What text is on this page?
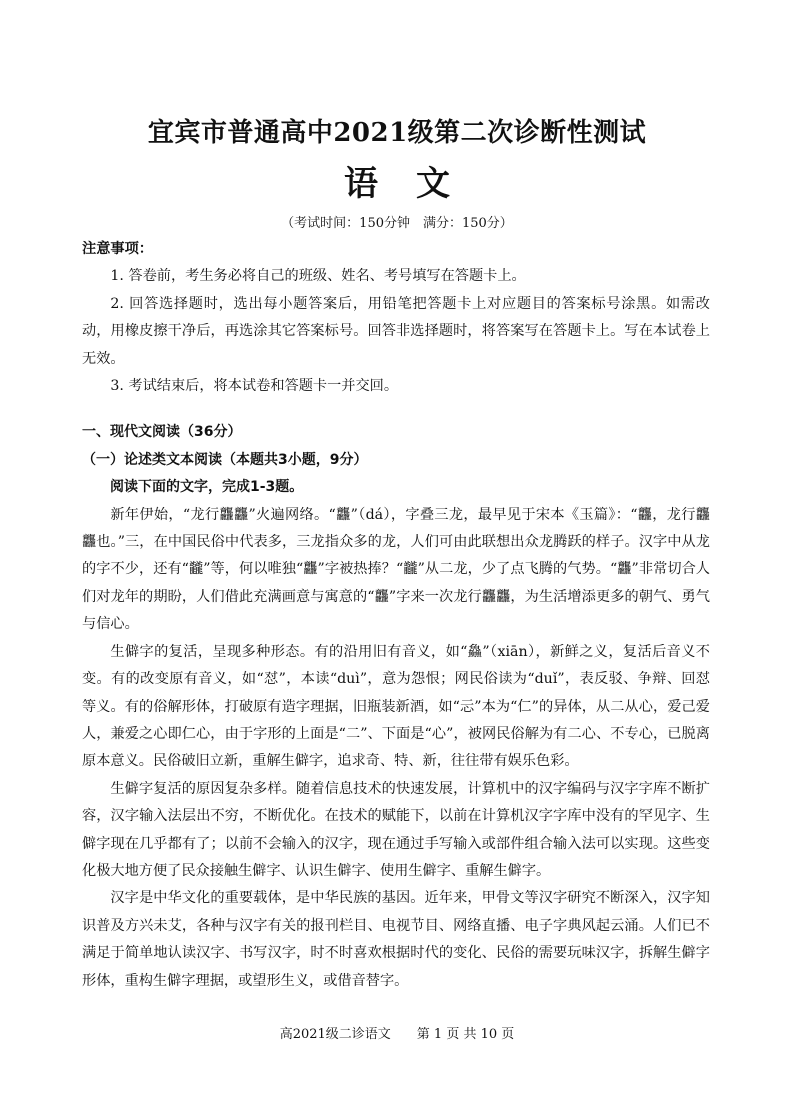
宜宾市普通高中2021级第二次诊断性测试
语文
（考试时间：150分钟　满分：150分）

注意事项：

1. 答卷前，考生务必将自己的班级、姓名、考号填写在答题卡上。

2. 回答选择题时，选出每小题答案后，用铅笔把答题卡上对应题目的答案标号涂黑。如需改动，用橡皮擦干净后，再选涂其它答案标号。回答非选择题时，将答案写在答题卡上。写在本试卷上无效。

3. 考试结束后，将本试卷和答题卡一并交回。

一、现代文阅读（36分）

（一）论述类文本阅读（本题共3小题，9分）

阅读下面的文字，完成1-3题。

新年伊始，“龙行龘龘”火遍网络。“龘”（dá），字叠三龙，最早见于宋本《玉篇》：“龘，龙行龘龘也。”三，在中国民俗中代表多，三龙指众多的龙，人们可由此联想出众龙腾跃的样子。汉字中从龙的字不少，还有“龖”等，何以唯独“龘”字被热捧？“龖”从二龙，少了点飞腾的气势。“龘”非常切合人们对龙年的期盼，人们借此充满画意与寓意的“龘”字来一次龙行龘龘，为生活增添更多的朝气、勇气与信心。

生僻字的复活，呈现多种形态。有的沿用旧有音义，如“鱻”（xiān），新鲜之义，复活后音义不变。有的改变原有音义，如“怼”，本读“duì”，意为怨恨；网民俗读为“duǐ”，表反驳、争辩、回怼等义。有的俗解形体，打破原有造字理据，旧瓶装新酒，如“忈”本为“仁”的异体，从二从心，爱己爱人，兼爱之心即仁心，由于字形的上面是“二”、下面是“心”，被网民俗解为有二心、不专心，已脱离原本意义。民俗破旧立新，重解生僻字，追求奇、特、新，往往带有娱乐色彩。

生僻字复活的原因复杂多样。随着信息技术的快速发展，计算机中的汉字编码与汉字字库不断扩容，汉字输入法层出不穷，不断优化。在技术的赋能下，以前在计算机汉字字库中没有的罕见字、生僻字现在几乎都有了；以前不会输入的汉字，现在通过手写输入或部件组合输入法可以实现。这些变化极大地方便了民众接触生僻字、认识生僻字、使用生僻字、重解生僻字。

汉字是中华文化的重要载体，是中华民族的基因。近年来，甲骨文等汉字研究不断深入，汉字知识普及方兴未艾，各种与汉字有关的报刊栏目、电视节目、网络直播、电子字典风起云涌。人们已不满足于简单地认读汉字、书写汉字，时不时喜欢根据时代的变化、民俗的需要玩味汉字，拆解生僻字形体，重构生僻字理据，或望形生义，或借音替字。

高2021级二诊语文　　第 1 页 共 10 页
